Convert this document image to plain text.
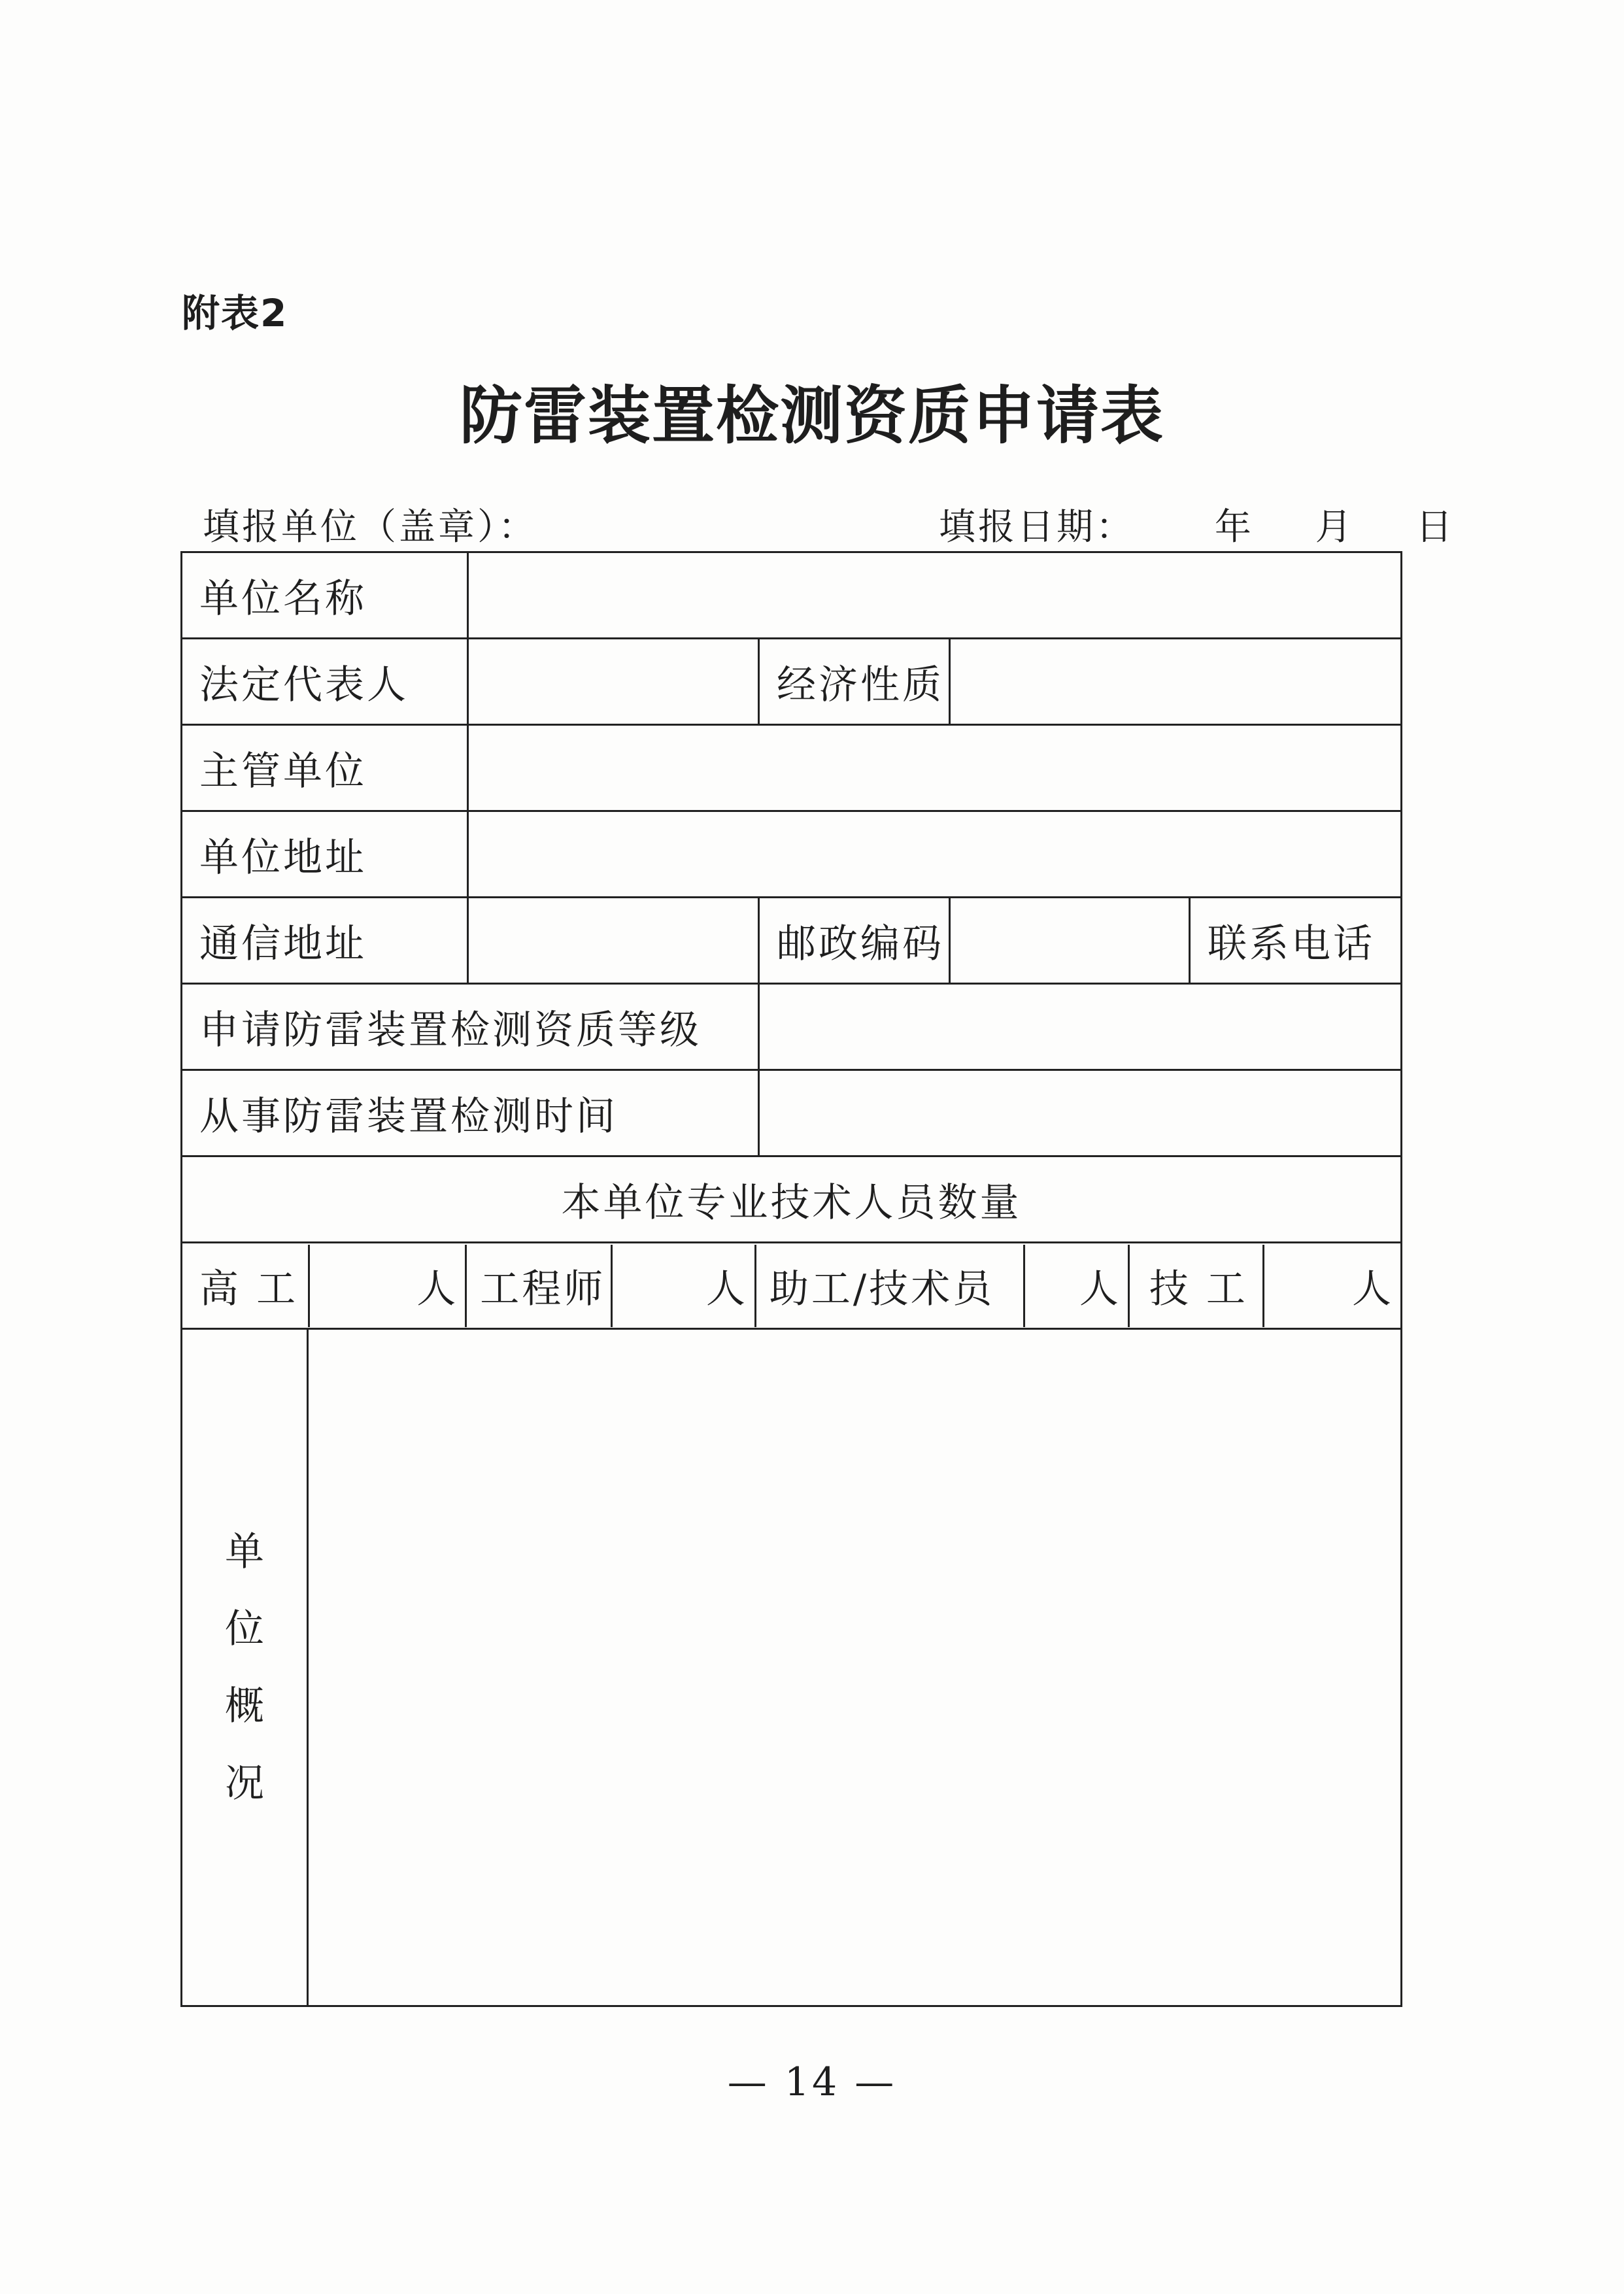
附表2
防雷装置检测资质申请表
填报单位（盖章）：	填报日期： 年 月 日
单位名称	
法定代表人		经济性质	
主管单位	
单位地址	
通信地址		邮政编码		联系电话
申请防雷装置检测资质等级	
从事防雷装置检测时间	
本单位专业技术人员数量

高 工	人	工程师	人	助工/技术员	人	技 工	人

单位概况	
— 14 —
